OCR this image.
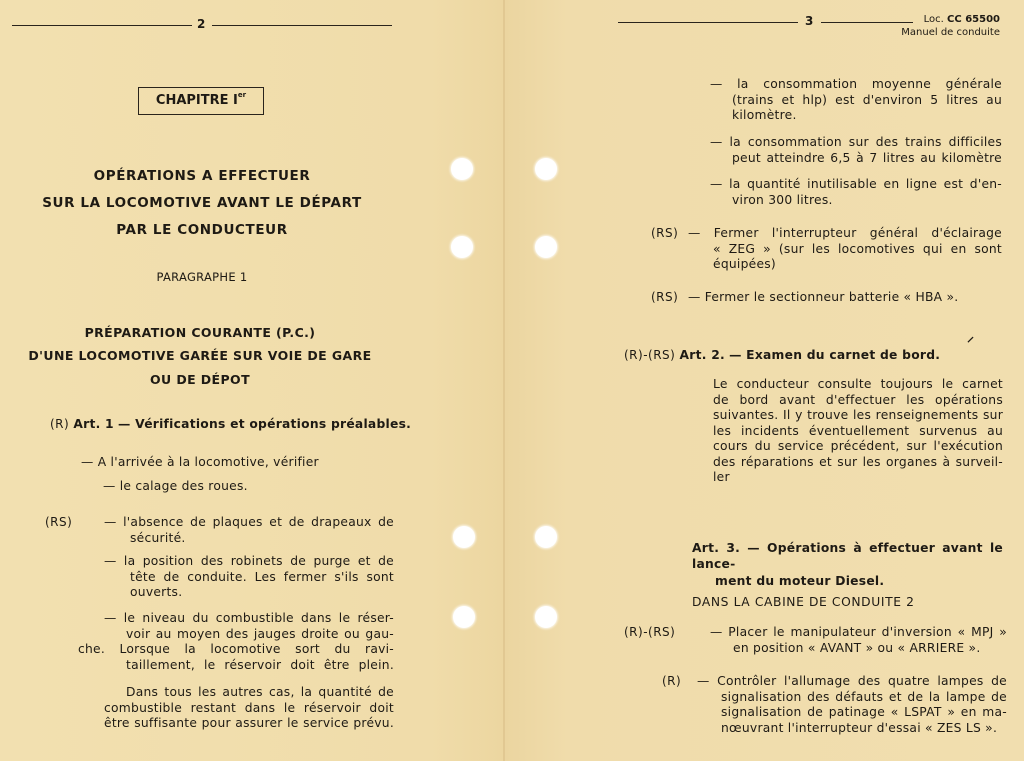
2
CHAPITRE Ier
OPÉRATIONS A EFFECTUER
SUR LA LOCOMOTIVE AVANT LE DÉPART
PAR LE CONDUCTEUR
PARAGRAPHE 1
PRÉPARATION COURANTE (P.C.)
D'UNE LOCOMOTIVE GARÉE SUR VOIE DE GARE
OU DE DÉPOT
(R) Art. 1 — Vérifications et opérations préalables.
— A l'arrivée à la locomotive, vérifier
— le calage des roues.
(RS)	— l'absence de plaques et de drapeaux de
sécurité.
— la position des robinets de purge et de
tête de conduite. Les fermer s'ils sont
ouverts.
— le niveau du combustible dans le réser-
voir au moyen des jauges droite ou gau-
che. Lorsque la locomotive sort du ravi-
taillement, le réservoir doit être plein.
Dans tous les autres cas, la quantité de
combustible restant dans le réservoir doit
être suffisante pour assurer le service prévu.
3	Loc. CC 65500
Manuel de conduite
— la consommation moyenne générale
(trains et hlp) est d'environ 5 litres au
kilomètre.
— la consommation sur des trains difficiles
peut atteindre 6,5 à 7 litres au kilomètre
— la quantité inutilisable en ligne est d'en-
viron 300 litres.
(RS) — Fermer l'interrupteur général d'éclairage
« ZEG » (sur les locomotives qui en sont
équipées)
(RS) — Fermer le sectionneur batterie « HBA ».
⸍
(R)-(RS) Art. 2. — Examen du carnet de bord.
Le conducteur consulte toujours le carnet
de bord avant d'effectuer les opérations
suivantes. Il y trouve les renseignements sur
les incidents éventuellement survenus au
cours du service précédent, sur l'exécution
des réparations et sur les organes à surveil-
ler
Art. 3. — Opérations à effectuer avant le lance-
ment du moteur Diesel.
DANS LA CABINE DE CONDUITE 2
(R)-(RS)	— Placer le manipulateur d'inversion « MPJ »
en position « AVANT » ou « ARRIERE ».
(R) — Contrôler l'allumage des quatre lampes de
signalisation des défauts et de la lampe de
signalisation de patinage « LSPAT » en ma-
nœuvrant l'interrupteur d'essai « ZES LS ».
